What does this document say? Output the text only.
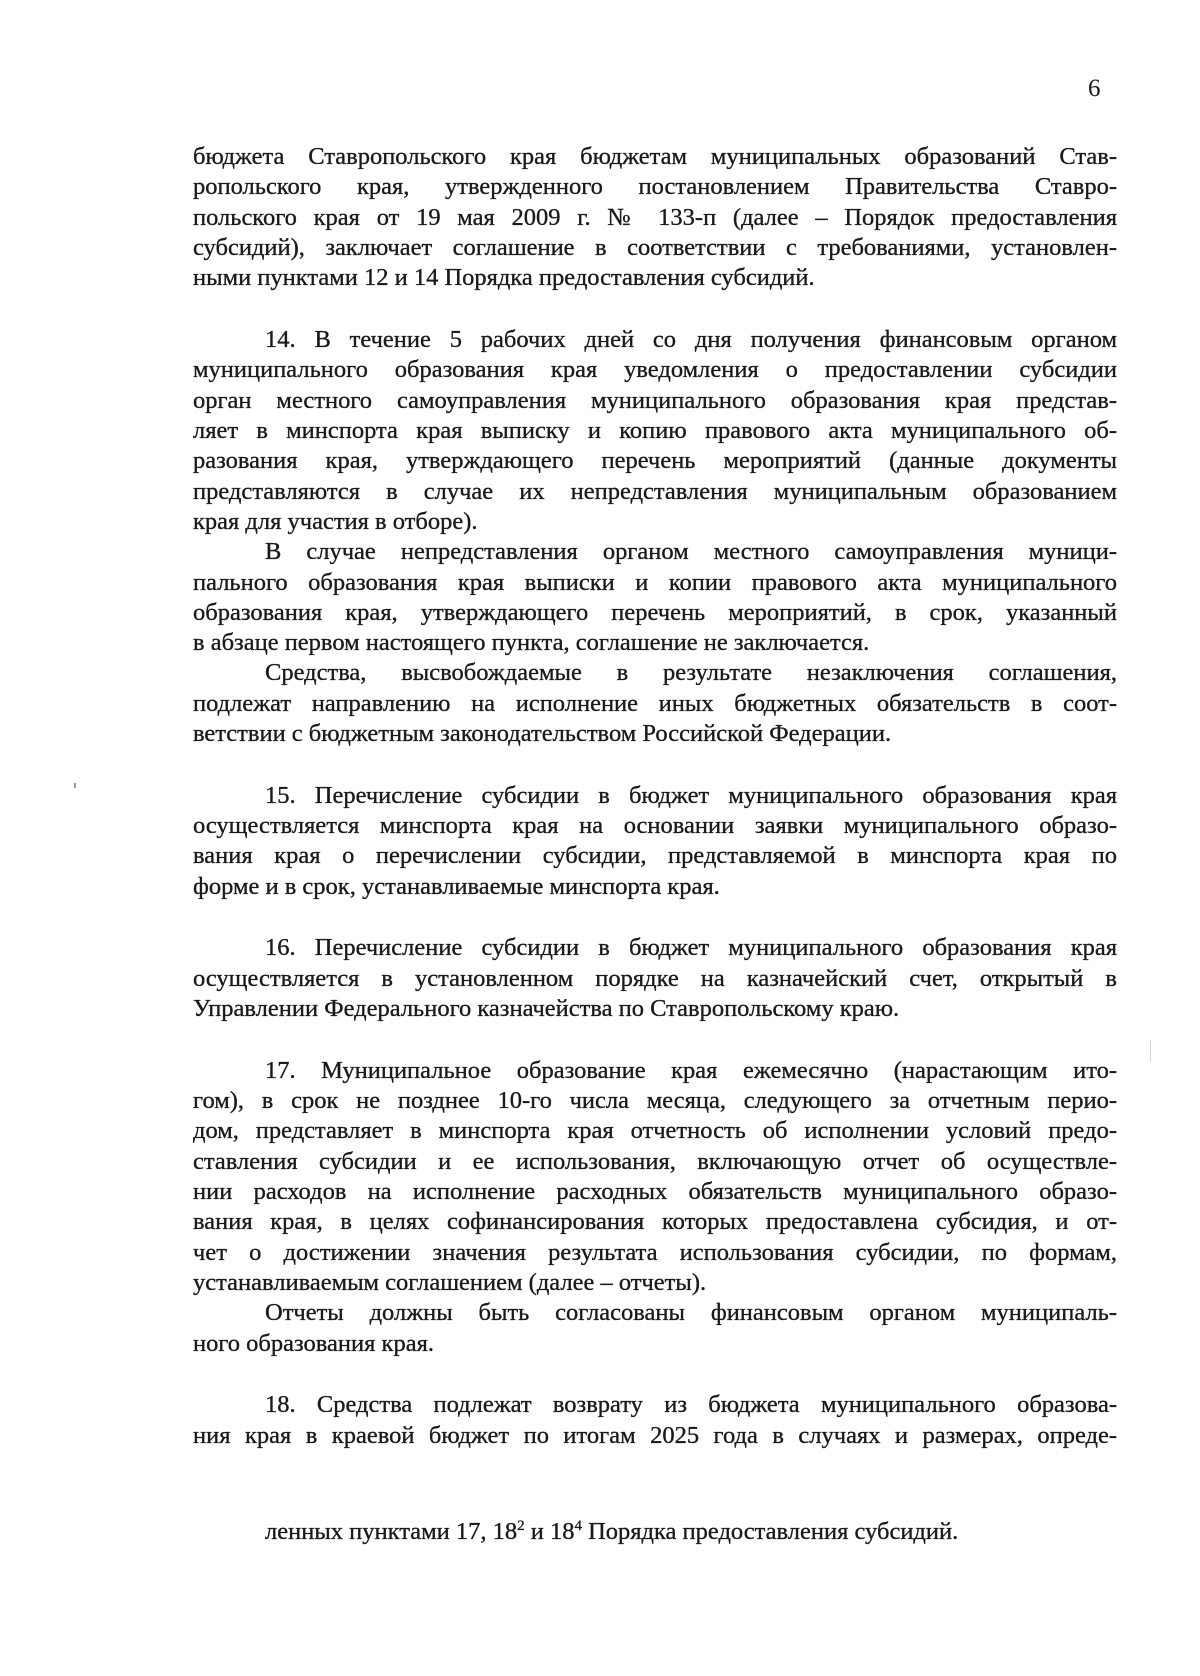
6
бюджета Ставропольского края бюджетам муниципальных образований Став-
ропольского края, утвержденного постановлением Правительства Ставро-
польского края от 19 мая 2009 г. № 133-п (далее – Порядок предоставления
субсидий), заключает соглашение в соответствии с требованиями, установлен-
ными пунктами 12 и 14 Порядка предоставления субсидий.
14. В течение 5 рабочих дней со дня получения финансовым органом
муниципального образования края уведомления о предоставлении субсидии
орган местного самоуправления муниципального образования края представ-
ляет в минспорта края выписку и копию правового акта муниципального об-
разования края, утверждающего перечень мероприятий (данные документы
представляются в случае их непредставления муниципальным образованием
края для участия в отборе).
В случае непредставления органом местного самоуправления муници-
пального образования края выписки и копии правового акта муниципального
образования края, утверждающего перечень мероприятий, в срок, указанный
в абзаце первом настоящего пункта, соглашение не заключается.
Средства, высвобождаемые в результате незаключения соглашения,
подлежат направлению на исполнение иных бюджетных обязательств в соот-
ветствии с бюджетным законодательством Российской Федерации.
15. Перечисление субсидии в бюджет муниципального образования края
осуществляется минспорта края на основании заявки муниципального образо-
вания края о перечислении субсидии, представляемой в минспорта края по
форме и в срок, устанавливаемые минспорта края.
16. Перечисление субсидии в бюджет муниципального образования края
осуществляется в установленном порядке на казначейский счет, открытый в
Управлении Федерального казначейства по Ставропольскому краю.
17. Муниципальное образование края ежемесячно (нарастающим ито-
гом), в срок не позднее 10-го числа месяца, следующего за отчетным перио-
дом, представляет в минспорта края отчетность об исполнении условий предо-
ставления субсидии и ее использования, включающую отчет об осуществле-
нии расходов на исполнение расходных обязательств муниципального образо-
вания края, в целях софинансирования которых предоставлена субсидия, и от-
чет о достижении значения результата использования субсидии, по формам,
устанавливаемым соглашением (далее – отчеты).
Отчеты должны быть согласованы финансовым органом муниципаль-
ного образования края.
18. Средства подлежат возврату из бюджета муниципального образова-
ния края в краевой бюджет по итогам 2025 года в случаях и размерах, опреде-
ленных пунктами 17, $18^2$ и $18^4$ Порядка предоставления субсидий.
